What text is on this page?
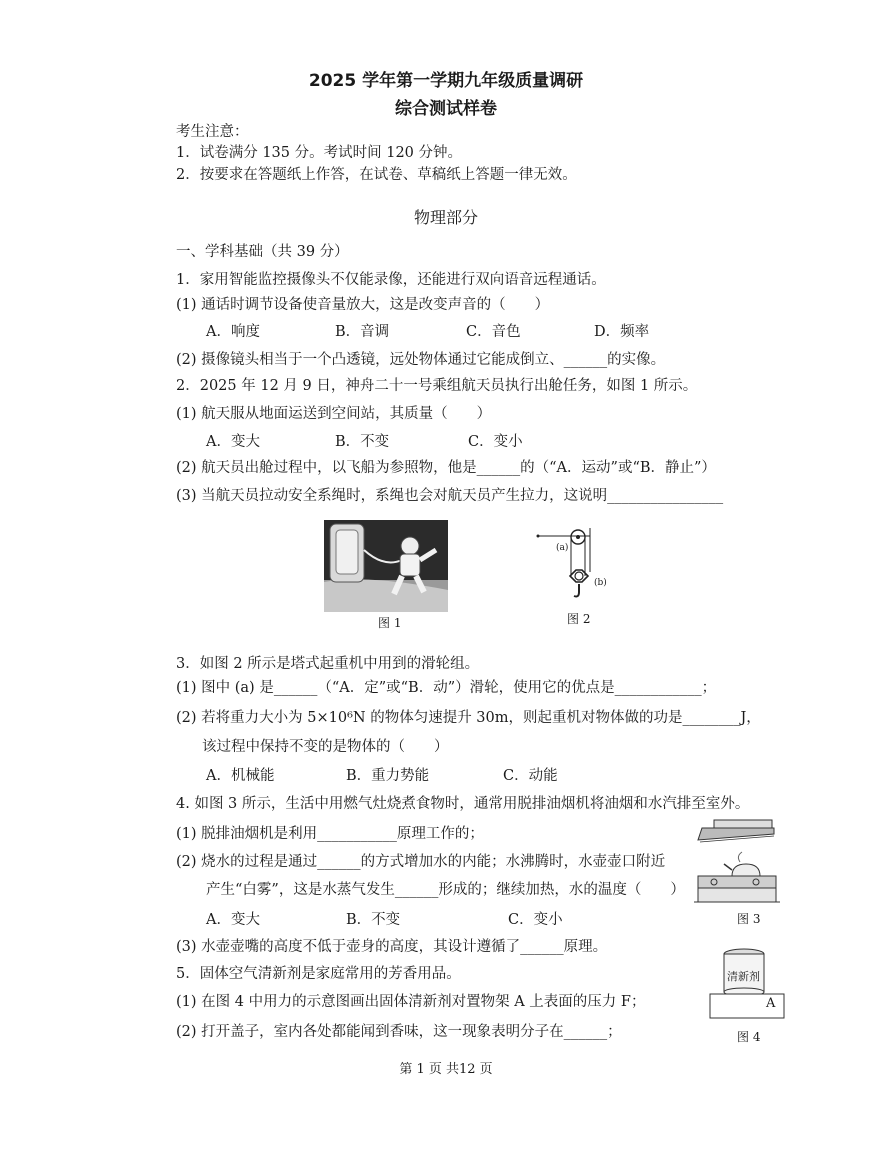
2025 学年第一学期九年级质量调研
综合测试样卷
考生注意：
1．试卷满分 135 分。考试时间 120 分钟。
2．按要求在答题纸上作答，在试卷、草稿纸上答题一律无效。
物理部分
一、学科基础（共 39 分）
1．家用智能监控摄像头不仅能录像，还能进行双向语音远程通话。
(1) 通话时调节设备使音量放大，这是改变声音的（　　）
A．响度	B．音调	C．音色	D．频率
(2) 摄像镜头相当于一个凸透镜，远处物体通过它能成倒立、______的实像。
2．2025 年 12 月 9 日，神舟二十一号乘组航天员执行出舱任务，如图 1 所示。
(1) 航天服从地面运送到空间站，其质量（　　）
A．变大	B．不变	C．变小
(2) 航天员出舱过程中，以飞船为参照物，他是______的（“A．运动”或“B．静止”）
(3) 当航天员拉动安全系绳时，系绳也会对航天员产生拉力，这说明________________
图 1
(a)
(b)
图 2
3．如图 2 所示是塔式起重机中用到的滑轮组。
(1) 图中 (a) 是______（“A．定”或“B．动”）滑轮，使用它的优点是____________；
(2) 若将重力大小为 5×10⁶N 的物体匀速提升 30m，则起重机对物体做的功是________J，
该过程中保持不变的是物体的（　　）
A．机械能	B．重力势能	C．动能
4. 如图 3 所示，生活中用燃气灶烧煮食物时，通常用脱排油烟机将油烟和水汽排至室外。
(1) 脱排油烟机是利用___________原理工作的；
(2) 烧水的过程是通过______的方式增加水的内能；水沸腾时，水壶壶口附近
产生“白雾”，这是水蒸气发生______形成的；继续加热，水的温度（　　）
A．变大	B．不变	C．变小
(3) 水壶壶嘴的高度不低于壶身的高度，其设计遵循了______原理。
图 3
5．固体空气清新剂是家庭常用的芳香用品。
(1) 在图 4 中用力的示意图画出固体清新剂对置物架 A 上表面的压力 F；
(2) 打开盖子，室内各处都能闻到香味，这一现象表明分子在______；
清新剂
A
图 4
第 1 页 共12 页
